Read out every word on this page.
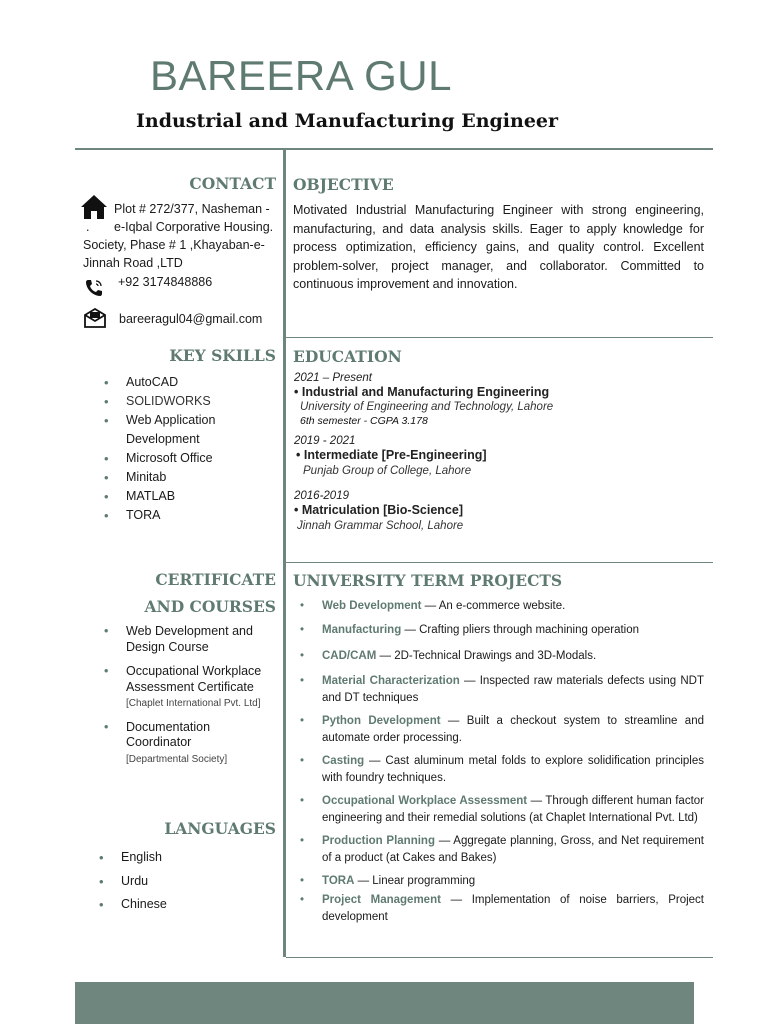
BAREERA GUL
Industrial and Manufacturing Engineer
CONTACT
Plot # 272/377, Nasheman -
. e-Iqbal Corporative Housing.
Society, Phase # 1 ,Khayaban-e-
Jinnah Road ,LTD
+92 3174848886
bareeragul04@gmail.com
KEY SKILLS
• AutoCAD
• SOLIDWORKS
• Web Application Development
• Microsoft Office
• Minitab
• MATLAB
• TORA
CERTIFICATE
AND COURSES
• Web Development and Design Course
• Occupational Workplace Assessment Certificate
[Chaplet International Pvt. Ltd]
• Documentation Coordinator
[Departmental Society]
LANGUAGES
• English
• Urdu
• Chinese
OBJECTIVE
Motivated Industrial Manufacturing Engineer with strong engineering, manufacturing, and data analysis skills. Eager to apply knowledge for process optimization, efficiency gains, and quality control. Excellent problem-solver, project manager, and collaborator. Committed to continuous improvement and innovation.
EDUCATION
2021 – Present
• Industrial and Manufacturing Engineering
University of Engineering and Technology, Lahore
6th semester - CGPA 3.178
2019 - 2021
• Intermediate [Pre-Engineering]
Punjab Group of College, Lahore
2016-2019
• Matriculation [Bio-Science]
Jinnah Grammar School, Lahore
UNIVERSITY TERM PROJECTS
• Web Development — An e-commerce website.
• Manufacturing — Crafting pliers through machining operation
• CAD/CAM — 2D-Technical Drawings and 3D-Modals.
• Material Characterization — Inspected raw materials defects using NDT and DT techniques
• Python Development — Built a checkout system to streamline and automate order processing.
• Casting — Cast aluminum metal folds to explore solidification principles with foundry techniques.
• Occupational Workplace Assessment — Through different human factor engineering and their remedial solutions (at Chaplet International Pvt. Ltd)
• Production Planning — Aggregate planning, Gross, and Net requirement of a product (at Cakes and Bakes)
• TORA — Linear programming
• Project Management — Implementation of noise barriers, Project development
